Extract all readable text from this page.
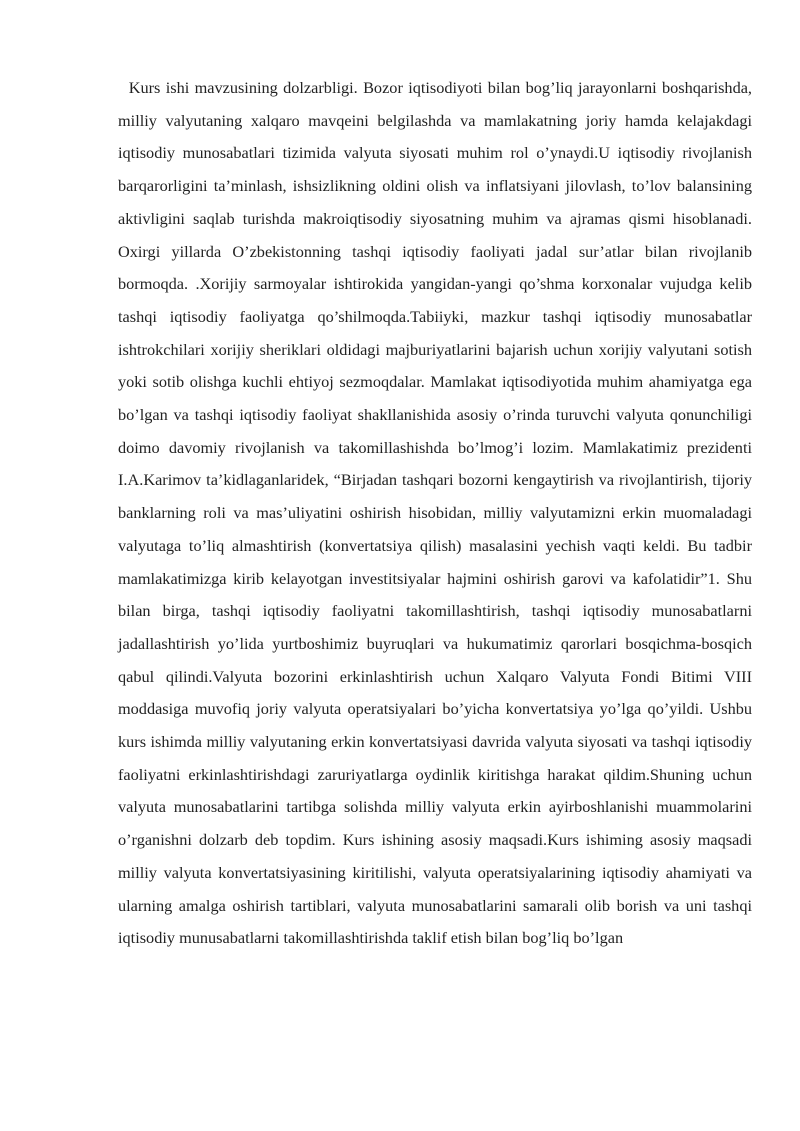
Kurs ishi mavzusining dolzarbligi. Bozor iqtisodiyoti bilan bog’liq jarayonlarni boshqarishda, milliy valyutaning xalqaro mavqeini belgilashda va mamlakatning joriy hamda kelajakdagi iqtisodiy munosabatlari tizimida valyuta siyosati muhim rol o’ynaydi.U iqtisodiy rivojlanish barqarorligini ta’minlash, ishsizlikning oldini olish va inflatsiyani jilovlash, to’lov balansining aktivligini saqlab turishda makroiqtisodiy siyosatning muhim va ajramas qismi hisoblanadi. Oxirgi yillarda O’zbekistonning tashqi iqtisodiy faoliyati jadal sur’atlar bilan rivojlanib bormoqda. .Xorijiy sarmoyalar ishtirokida yangidan-yangi qo’shma korxonalar vujudga kelib tashqi iqtisodiy faoliyatga qo’shilmoqda.Tabiiyki, mazkur tashqi iqtisodiy munosabatlar ishtrokchilari xorijiy sheriklari oldidagi majburiyatlarini bajarish uchun xorijiy valyutani sotish yoki sotib olishga kuchli ehtiyoj sezmoqdalar. Mamlakat iqtisodiyotida muhim ahamiyatga ega bo’lgan va tashqi iqtisodiy faoliyat shakllanishida asosiy o’rinda turuvchi valyuta qonunchiligi doimo davomiy rivojlanish va takomillashishda bo’lmog’i lozim. Mamlakatimiz prezidenti I.A.Karimov ta’kidlaganlaridek, “Birjadan tashqari bozorni kengaytirish va rivojlantirish, tijoriy banklarning roli va mas’uliyatini oshirish hisobidan, milliy valyutamizni erkin muomaladagi valyutaga to’liq almashtirish (konvertatsiya qilish) masalasini yechish vaqti keldi. Bu tadbir mamlakatimizga kirib kelayotgan investitsiyalar hajmini oshirish garovi va kafolatidir”1. Shu bilan birga, tashqi iqtisodiy faoliyatni takomillashtirish, tashqi iqtisodiy munosabatlarni jadallashtirish yo’lida yurtboshimiz buyruqlari va hukumatimiz qarorlari bosqichma-bosqich qabul qilindi.Valyuta bozorini erkinlashtirish uchun Xalqaro Valyuta Fondi Bitimi VIII moddasiga muvofiq joriy valyuta operatsiyalari bo’yicha konvertatsiya yo’lga qo’yildi. Ushbu kurs ishimda milliy valyutaning erkin konvertatsiyasi davrida valyuta siyosati va tashqi iqtisodiy faoliyatni erkinlashtirishdagi zaruriyatlarga oydinlik kiritishga harakat qildim.Shuning uchun valyuta munosabatlarini tartibga solishda milliy valyuta erkin ayirboshlanishi muammolarini o’rganishni dolzarb deb topdim. Kurs ishining asosiy maqsadi.Kurs ishiming asosiy maqsadi milliy valyuta konvertatsiyasining kiritilishi, valyuta operatsiyalarining iqtisodiy ahamiyati va ularning amalga oshirish tartiblari, valyuta munosabatlarini samarali olib borish va uni tashqi iqtisodiy munusabatlarni takomillashtirishda taklif etish bilan bog’liq bo’lgan
